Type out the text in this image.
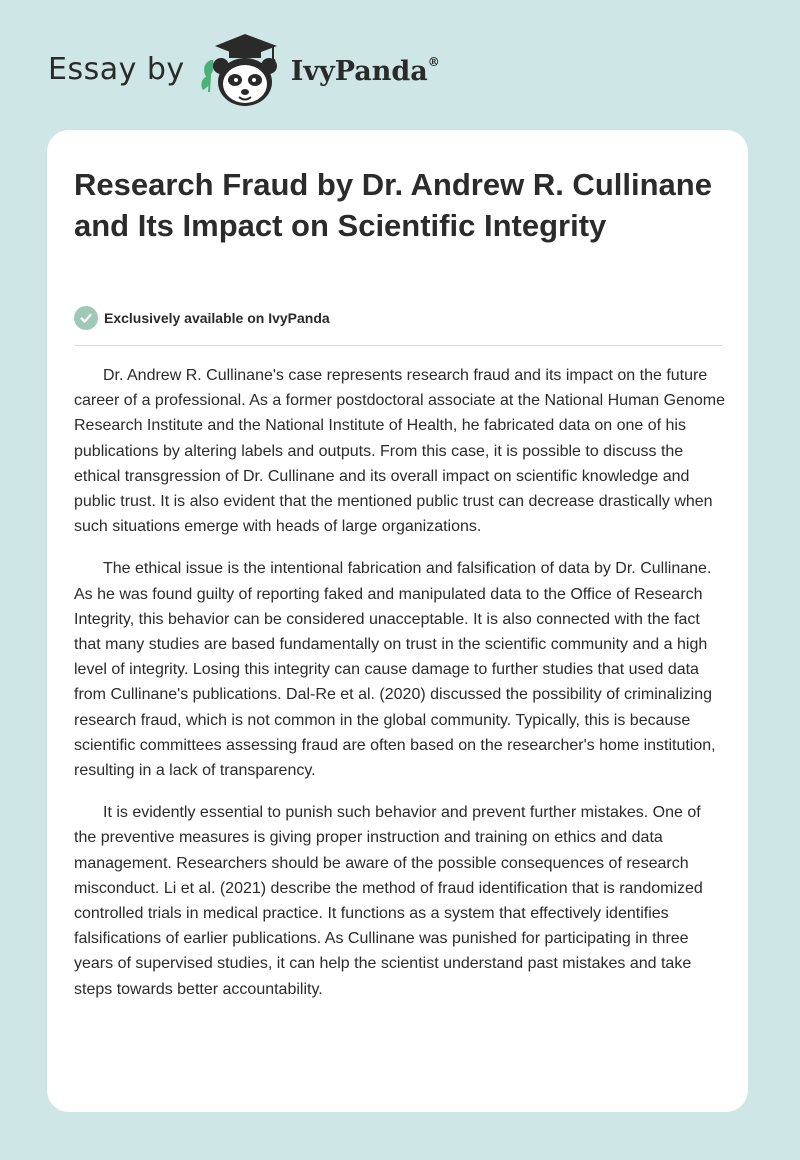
Essay by	IvyPanda®
Research Fraud by Dr. Andrew R. Cullinane and Its Impact on Scientific Integrity
Exclusively available on IvyPanda

Dr. Andrew R. Cullinane's case represents research fraud and its impact on the future career of a professional. As a former postdoctoral associate at the National Human Genome Research Institute and the National Institute of Health, he fabricated data on one of his publications by altering labels and outputs. From this case, it is possible to discuss the ethical transgression of Dr. Cullinane and its overall impact on scientific knowledge and public trust. It is also evident that the mentioned public trust can decrease drastically when such situations emerge with heads of large organizations.

The ethical issue is the intentional fabrication and falsification of data by Dr. Cullinane. As he was found guilty of reporting faked and manipulated data to the Office of Research Integrity, this behavior can be considered unacceptable. It is also connected with the fact that many studies are based fundamentally on trust in the scientific community and a high level of integrity. Losing this integrity can cause damage to further studies that used data from Cullinane's publications. Dal-Re et al. (2020) discussed the possibility of criminalizing research fraud, which is not common in the global community. Typically, this is because scientific committees assessing fraud are often based on the researcher's home institution, resulting in a lack of transparency.

It is evidently essential to punish such behavior and prevent further mistakes. One of the preventive measures is giving proper instruction and training on ethics and data management. Researchers should be aware of the possible consequences of research misconduct. Li et al. (2021) describe the method of fraud identification that is randomized controlled trials in medical practice. It functions as a system that effectively identifies falsifications of earlier publications. As Cullinane was punished for participating in three years of supervised studies, it can help the scientist understand past mistakes and take steps towards better accountability.
